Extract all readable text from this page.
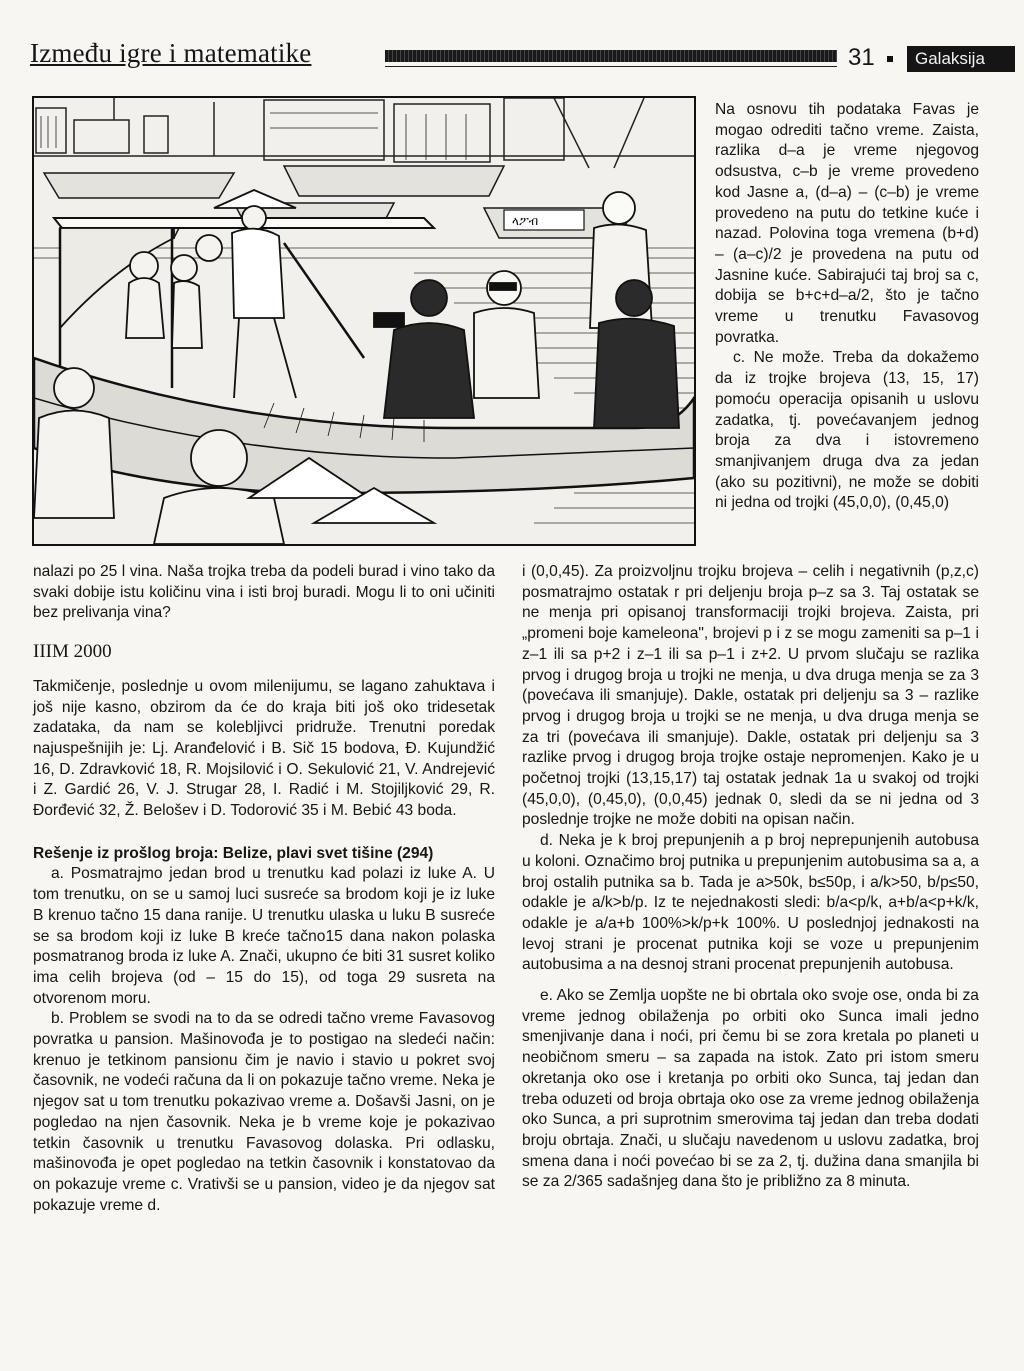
Između igre i matematike	31	Galaksija
ላፖብ

Na osnovu tih podataka Favas je mogao odrediti tačno vreme. Zaista, razlika d–a je vreme njegovog odsustva, c–b je vreme provedeno kod Jasne a, (d–a) – (c–b) je vreme provedeno na putu do tetkine kuće i nazad. Polovina toga vremena (b+d) – (a–c)/2 je provedena na putu od Jasnine kuće. Sabirajući taj broj sa c, dobija se b+c+d–a/2, što je tačno vreme u trenutku Favasovog povratka.

c. Ne može. Treba da dokažemo da iz trojke brojeva (13, 15, 17) pomoću operacija opisanih u uslovu zadatka, tj. povećavanjem jednog broja za dva i istovremeno smanjivanjem druga dva za jedan (ako su pozitivni), ne može se dobiti ni jedna od trojki (45,0,0), (0,45,0)

nalazi po 25 l vina. Naša trojka treba da podeli burad i vino tako da svaki dobije istu količinu vina i isti broj buradi. Mogu li to oni učiniti bez prelivanja vina?

IIIM 2000

Takmičenje, poslednje u ovom milenijumu, se lagano zahuktava i još nije kasno, obzirom da će do kraja biti još oko tridesetak zadataka, da nam se kolebljivci pridruže. Trenutni poredak najuspešnijih je: Lj. Aranđelović i B. Sič 15 bodova, Đ. Kujundžić 16, D. Zdravković 18, R. Mojsilović i O. Sekulović 21, V. Andrejević i Z. Gardić 26, V. J. Strugar 28, I. Radić i M. Stojiljković 29, R. Đorđević 32, Ž. Belošev i D. Todorović 35 i M. Bebić 43 boda.

Rešenje iz prošlog broja: Belize, plavi svet tišine (294)

a. Posmatrajmo jedan brod u trenutku kad polazi iz luke A. U tom trenutku, on se u samoj luci susreće sa brodom koji je iz luke B krenuo tačno 15 dana ranije. U trenutku ulaska u luku B susreće se sa brodom koji iz luke B kreće tačno15 dana nakon polaska posmatranog broda iz luke A. Znači, ukupno će biti 31 susret koliko ima celih brojeva (od – 15 do 15), od toga 29 susreta na otvorenom moru.

b. Problem se svodi na to da se odredi tačno vreme Favasovog povratka u pansion. Mašinovođa je to postigao na sledeći način: krenuo je tetkinom pansionu čim je navio i stavio u pokret svoj časovnik, ne vodeći računa da li on pokazuje tačno vreme. Neka je njegov sat u tom trenutku pokazivao vreme a. Došavši Jasni, on je pogledao na njen časovnik. Neka je b vreme koje je pokazivao tetkin časovnik u trenutku Favasovog dolaska. Pri odlasku, mašinovođa je opet pogledao na tetkin časovnik i konstatovao da on pokazuje vreme c. Vrativši se u pansion, video je da njegov sat pokazuje vreme d.

i (0,0,45). Za proizvoljnu trojku brojeva – celih i negativnih (p,z,c) posmatrajmo ostatak r pri deljenju broja p–z sa 3. Taj ostatak se ne menja pri opisanoj transformaciji trojki brojeva. Zaista, pri „promeni boje kameleona", brojevi p i z se mogu zameniti sa p–1 i z–1 ili sa p+2 i z–1 ili sa p–1 i z+2. U prvom slučaju se razlika prvog i drugog broja u trojki ne menja, u dva druga menja se za 3 (povećava ili smanjuje). Dakle, ostatak pri deljenju sa 3 – razlike prvog i drugog broja u trojki se ne menja, u dva druga menja se za tri (povećava ili smanjuje). Dakle, ostatak pri deljenju sa 3 razlike prvog i drugog broja trojke ostaje nepromenjen. Kako je u početnoj trojki (13,15,17) taj ostatak jednak 1a u svakoj od trojki (45,0,0), (0,45,0), (0,0,45) jednak 0, sledi da se ni jedna od 3 poslednje trojke ne može dobiti na opisan način.

d. Neka je k broj prepunjenih a p broj neprepunjenih autobusa u koloni. Označimo broj putnika u prepunjenim autobusima sa a, a broj ostalih putnika sa b. Tada je a>50k, b≤50p, i a/k>50, b/p≤50, odakle je a/k>b/p. Iz te nejednakosti sledi: b/a<p/k, a+b/a<p+k/k, odakle je a/a+b 100%>k/p+k 100%. U poslednjoj jednakosti na levoj strani je procenat putnika koji se voze u prepunjenim autobusima a na desnoj strani procenat prepunjenih autobusa.

e. Ako se Zemlja uopšte ne bi obrtala oko svoje ose, onda bi za vreme jednog obilaženja po orbiti oko Sunca imali jedno smenjivanje dana i noći, pri čemu bi se zora kretala po planeti u neobičnom smeru – sa zapada na istok. Zato pri istom smeru okretanja oko ose i kretanja po orbiti oko Sunca, taj jedan dan treba oduzeti od broja obrtaja oko ose za vreme jednog obilaženja oko Sunca, a pri suprotnim smerovima taj jedan dan treba dodati broju obrtaja. Znači, u slučaju navedenom u uslovu zadatka, broj smena dana i noći povećao bi se za 2, tj. dužina dana smanjila bi se za 2/365 sadašnjeg dana što je približno za 8 minuta.
